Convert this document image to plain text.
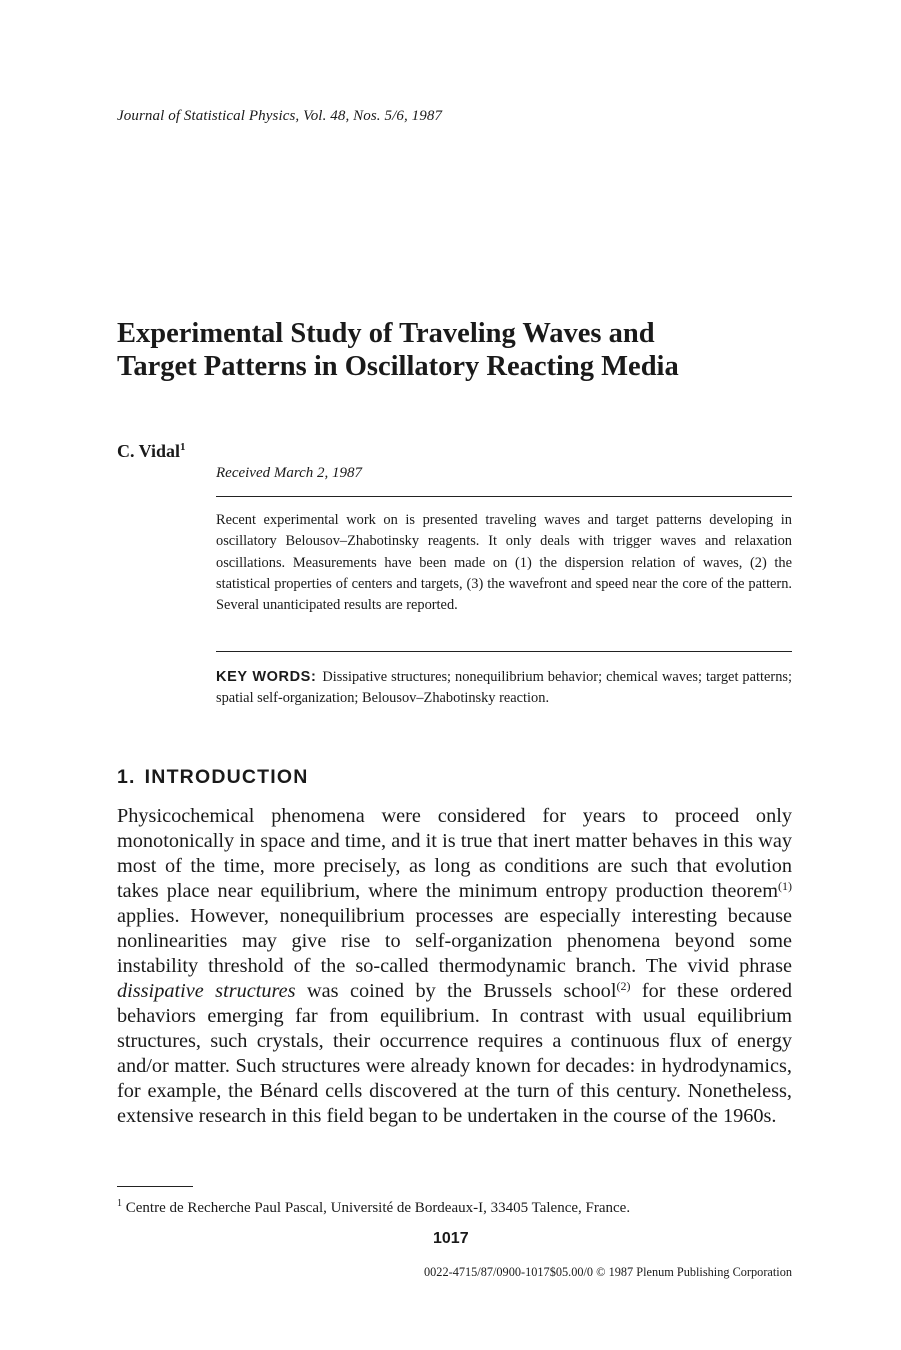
Journal of Statistical Physics, Vol. 48, Nos. 5/6, 1987
Experimental Study of Traveling Waves and
Target Patterns in Oscillatory Reacting Media
C. Vidal$^1$
Received March 2, 1987

Recent experimental work on is presented traveling waves and target patterns developing in oscillatory Belousov–Zhabotinsky reagents. It only deals with trigger waves and relaxation oscillations. Measurements have been made on (1) the dispersion relation of waves, (2) the statistical properties of centers and targets, (3) the wavefront and speed near the core of the pattern. Several unanticipated results are reported.

KEY WORDS: Dissipative structures; nonequilibrium behavior; chemical waves; target patterns; spatial self-organization; Belousov–Zhabotinsky reaction.

1. INTRODUCTION

Physicochemical phenomena were considered for years to proceed only monotonically in space and time, and it is true that inert matter behaves in this way most of the time, more precisely, as long as conditions are such that evolution takes place near equilibrium, where the minimum entropy production theorem$^{(1)}$ applies. However, nonequilibrium processes are especially interesting because nonlinearities may give rise to self-organization phenomena beyond some instability threshold of the so-called thermodynamic branch. The vivid phrase dissipative structures was coined by the Brussels school$^{(2)}$ for these ordered behaviors emerging far from equilibrium. In contrast with usual equilibrium structures, such crystals, their occurrence requires a continuous flux of energy and/or matter. Such structures were already known for decades: in hydrodynamics, for example, the Bénard cells discovered at the turn of this century. Nonetheless, extensive research in this field began to be undertaken in the course of the 1960s.

$^1$ Centre de Recherche Paul Pascal, Université de Bordeaux-I, 33405 Talence, France.
1017
0022-4715/87/0900-1017$05.00/0 © 1987 Plenum Publishing Corporation
